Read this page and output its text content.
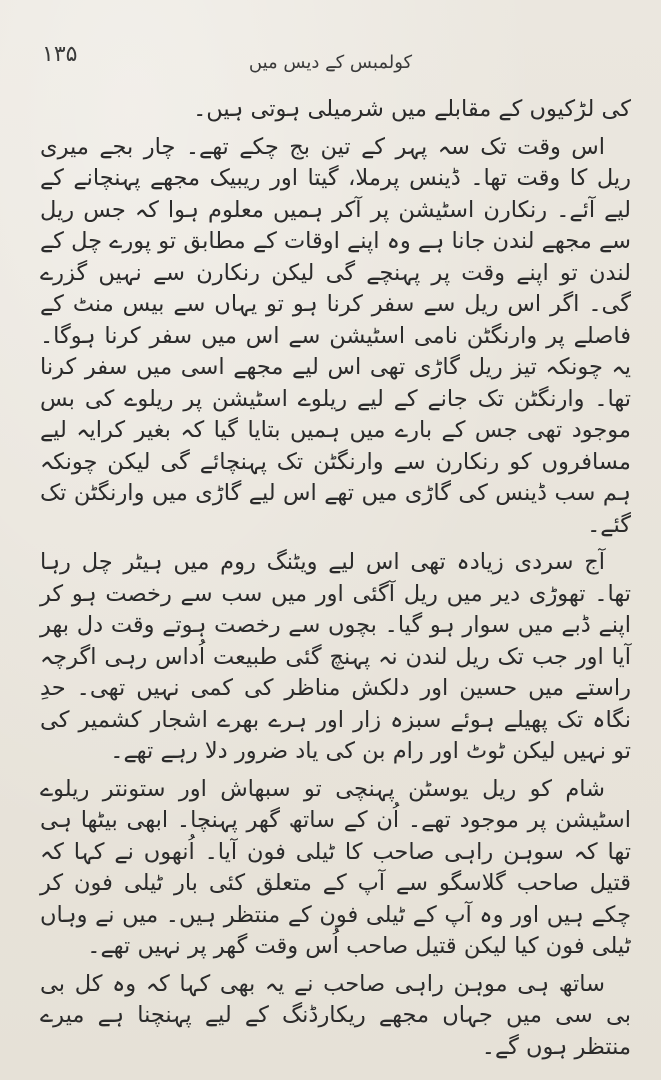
۱۳۵	کولمبس کے دیس میں

کی لڑکیوں کے مقابلے میں شرمیلی ہوتی ہیں۔

اس وقت تک سہ پہر کے تین بج چکے تھے۔ چار بجے میری ریل کا وقت تھا۔ ڈینس پرملا، گیتا اور ریبیک مجھے پہنچانے کے لیے آئے۔ رنکارن اسٹیشن پر آکر ہمیں معلوم ہوا کہ جس ریل سے مجھے لندن جانا ہے وہ اپنے اوقات کے مطابق تو پورے چل کے لندن تو اپنے وقت پر پہنچے گی لیکن رنکارن سے نہیں گزرے گی۔ اگر اس ریل سے سفر کرنا ہو تو یہاں سے بیس منٹ کے فاصلے پر وارنگٹن نامی اسٹیشن سے اس میں سفر کرنا ہوگا۔ یہ چونکہ تیز ریل گاڑی تھی اس لیے مجھے اسی میں سفر کرنا تھا۔ وارنگٹن تک جانے کے لیے ریلوے اسٹیشن پر ریلوے کی بس موجود تھی جس کے بارے میں ہمیں بتایا گیا کہ بغیر کرایہ لیے مسافروں کو رنکارن سے وارنگٹن تک پہنچائے گی لیکن چونکہ ہم سب ڈینس کی گاڑی میں تھے اس لیے گاڑی میں وارنگٹن تک گئے۔

آج سردی زیادہ تھی اس لیے ویٹنگ روم میں ہیٹر چل رہا تھا۔ تھوڑی دیر میں ریل آگئی اور میں سب سے رخصت ہو کر اپنے ڈبے میں سوار ہو گیا۔ بچوں سے رخصت ہوتے وقت دل بھر آیا اور جب تک ریل لندن نہ پہنچ گئی طبیعت اُداس رہی اگرچہ راستے میں حسین اور دلکش مناظر کی کمی نہیں تھی۔ حدِ نگاہ تک پھیلے ہوئے سبزہ زار اور ہرے بھرے اشجار کشمیر کی تو نہیں لیکن ٹوٹ اور رام بن کی یاد ضرور دلا رہے تھے۔

شام کو ریل یوسٹن پہنچی تو سبھاش اور ستونتر ریلوے اسٹیشن پر موجود تھے۔ اُن کے ساتھ گھر پہنچا۔ ابھی بیٹھا ہی تھا کہ سوہن راہی صاحب کا ٹیلی فون آیا۔ اُنھوں نے کہا کہ قتیل صاحب گلاسگو سے آپ کے متعلق کئی بار ٹیلی فون کر چکے ہیں اور وہ آپ کے ٹیلی فون کے منتظر ہیں۔ میں نے وہاں ٹیلی فون کیا لیکن قتیل صاحب اُس وقت گھر پر نہیں تھے۔

ساتھ ہی موہن راہی صاحب نے یہ بھی کہا کہ وہ کل بی بی سی میں جہاں مجھے ریکارڈنگ کے لیے پہنچنا ہے میرے منتظر ہوں گے۔
